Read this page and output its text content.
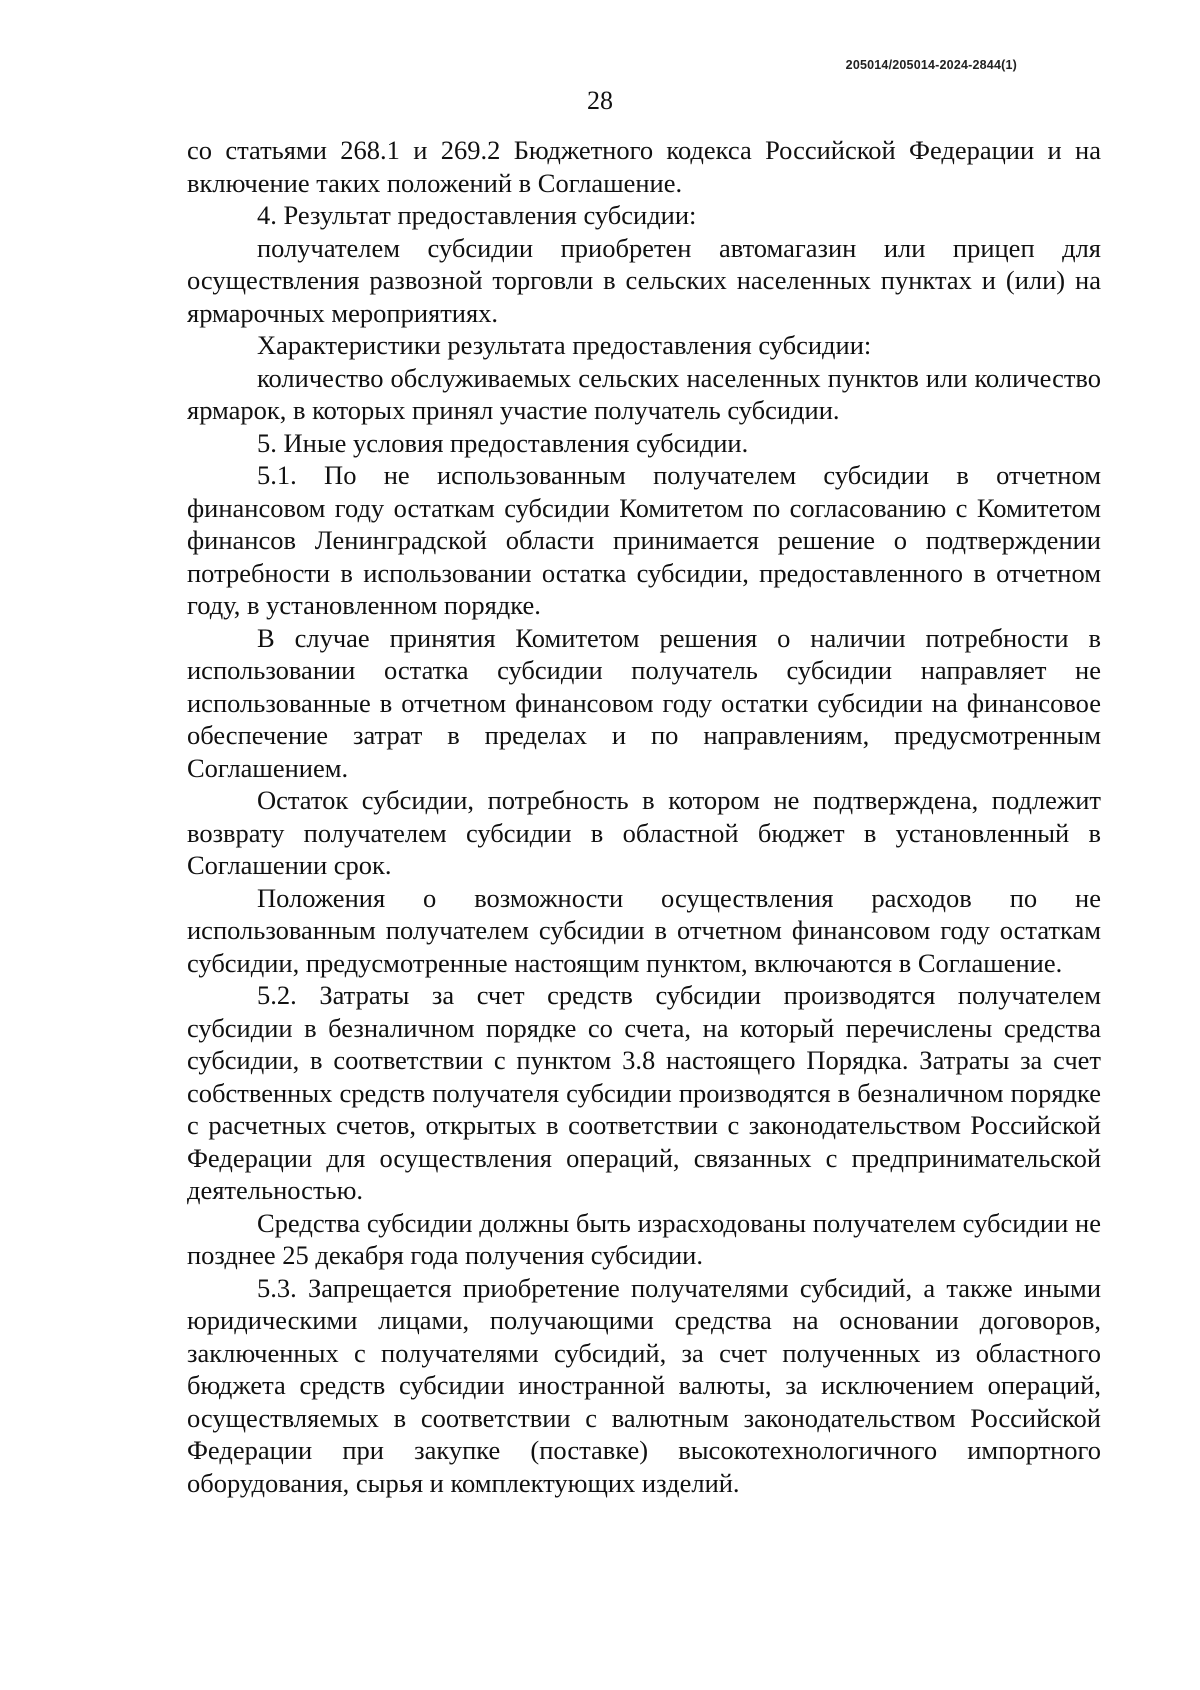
205014/205014-2024-2844(1)
28

со статьями 268.1 и 269.2 Бюджетного кодекса Российской Федерации и на включение таких положений в Соглашение.

4. Результат предоставления субсидии:

получателем субсидии приобретен автомагазин или прицеп для осуществления развозной торговли в сельских населенных пунктах и (или) на ярмарочных мероприятиях.

Характеристики результата предоставления субсидии:

количество обслуживаемых сельских населенных пунктов или количество ярмарок, в которых принял участие получатель субсидии.

5. Иные условия предоставления субсидии.

5.1. По не использованным получателем субсидии в отчетном финансовом году остаткам субсидии Комитетом по согласованию с Комитетом финансов Ленинградской области принимается решение о подтверждении потребности в использовании остатка субсидии, предоставленного в отчетном году, в установленном порядке.

В случае принятия Комитетом решения о наличии потребности в использовании остатка субсидии получатель субсидии направляет не использованные в отчетном финансовом году остатки субсидии на финансовое обеспечение затрат в пределах и по направлениям, предусмотренным Соглашением.

Остаток субсидии, потребность в котором не подтверждена, подлежит возврату получателем субсидии в областной бюджет в установленный в Соглашении срок.

Положения о возможности осуществления расходов по не использованным получателем субсидии в отчетном финансовом году остаткам субсидии, предусмотренные настоящим пунктом, включаются в Соглашение.

5.2. Затраты за счет средств субсидии производятся получателем субсидии в безналичном порядке со счета, на который перечислены средства субсидии, в соответствии с пунктом 3.8 настоящего Порядка. Затраты за счет собственных средств получателя субсидии производятся в безналичном порядке с расчетных счетов, открытых в соответствии с законодательством Российской Федерации для осуществления операций, связанных с предпринимательской деятельностью.

Средства субсидии должны быть израсходованы получателем субсидии не позднее 25 декабря года получения субсидии.

5.3. Запрещается приобретение получателями субсидий, а также иными юридическими лицами, получающими средства на основании договоров, заключенных с получателями субсидий, за счет полученных из областного бюджета средств субсидии иностранной валюты, за исключением операций, осуществляемых в соответствии с валютным законодательством Российской Федерации при закупке (поставке) высокотехнологичного импортного оборудования, сырья и комплектующих изделий.
